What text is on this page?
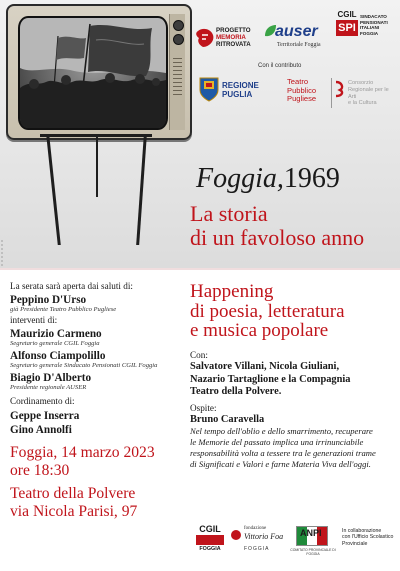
PROGETTO
MEMORIA
RITROVATA
auser
Territoriale Foggia
CGIL
SPI
SINDACATO
PENSIONATI
ITALIANI
FOGGIA
Con il contributo
REGIONE
PUGLIA
Teatro
Pubblico
Pugliese
Consorzio
Regionale per le Arti
e la Cultura
Foggia,1969
La storia
di un favoloso anno
La serata sarà aperta dai saluti di:
Peppino D'Urso
già Presidente Teatro Pubblico Pugliese
interventi di:
Maurizio Carmeno
Segretario generale CGIL Foggia
Alfonso Ciampolillo
Segretario generale Sindacato Pensionati CGIL Foggia
Biagio D'Alberto
Presidente regionale AUSER
Cordinamento di:
Geppe Inserra
Gino Annolfi
Foggia, 14 marzo 2023
ore 18:30
Teatro della Polvere
via Nicola Parisi, 97
Happening
di poesia, letteratura
e musica popolare
Con:
Salvatore Villani, Nicola Giuliani,
Nazario Tartaglione e la Compagnia
Teatro della Polvere.
Ospite:
Bruno Caravella
Nel tempo dell'oblio e dello smarrimento, recuperare
le Memorie del passato implica una irrinunciabile
responsabilità volta a tessere tra le generazioni trame
di Significati e Valori e farne Materia Viva dell'oggi.
CGIL
FOGGIA
fondazione
Vittorio Foa
FOGGIA
ANPI
COMITATO PROVINCIALE DI FOGGIA
In collaborazione
con l'Ufficio Scolastico
Provinciale
